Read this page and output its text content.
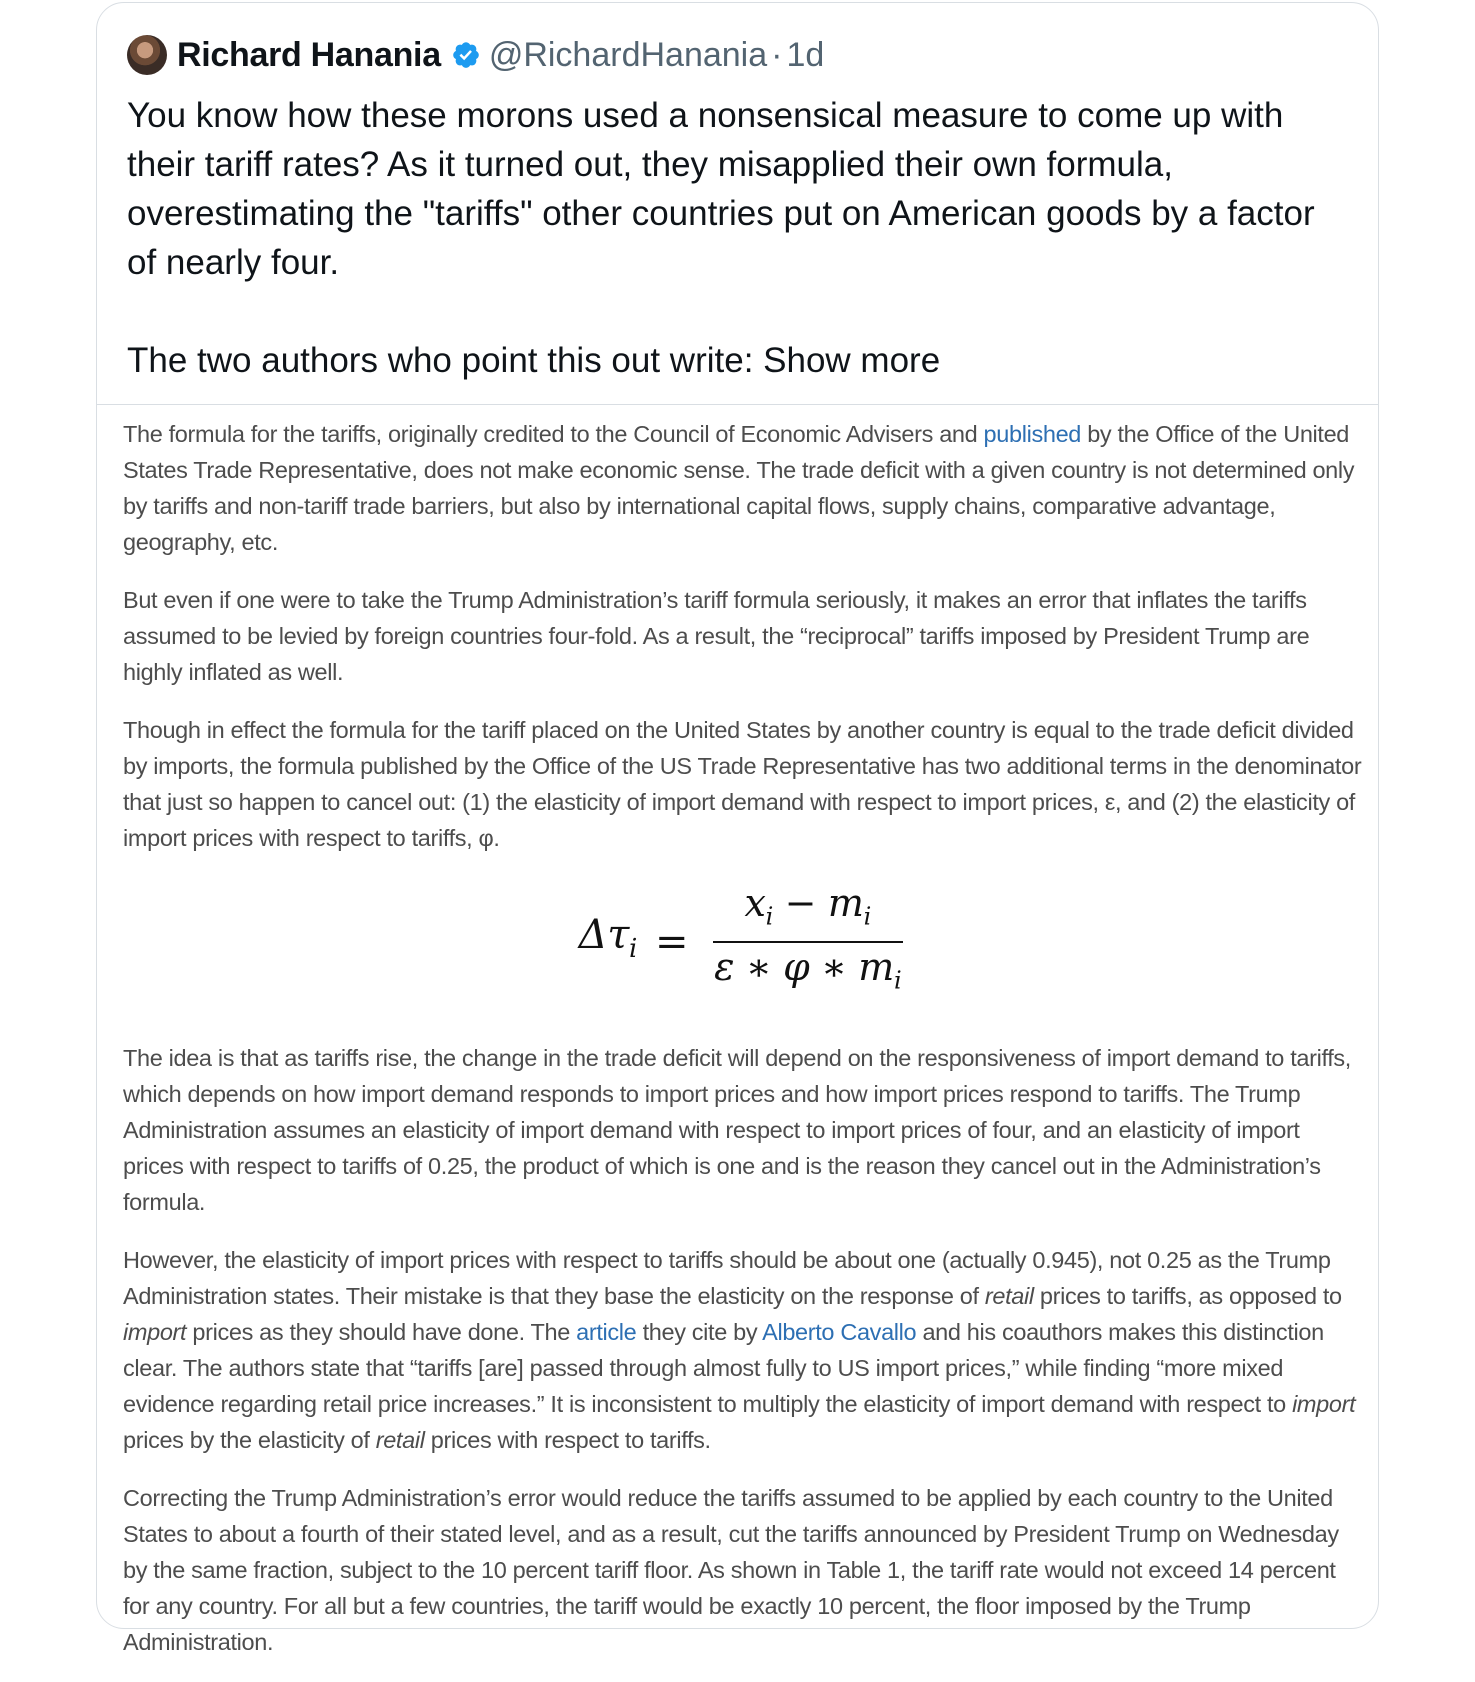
Richard Hanania @RichardHanania · 1d

You know how these morons used a nonsensical measure to come up with their tariff rates? As it turned out, they misapplied their own formula, overestimating the "tariffs" other countries put on American goods by a factor of nearly four.

The two authors who point this out write: Show more

The formula for the tariffs, originally credited to the Council of Economic Advisers and published by the Office of the United States Trade Representative, does not make economic sense. The trade deficit with a given country is not determined only by tariffs and non-tariff trade barriers, but also by international capital flows, supply chains, comparative advantage, geography, etc.

But even if one were to take the Trump Administration’s tariff formula seriously, it makes an error that inflates the tariffs assumed to be levied by foreign countries four-fold. As a result, the “reciprocal” tariffs imposed by President Trump are highly inflated as well.

Though in effect the formula for the tariff placed on the United States by another country is equal to the trade deficit divided by imports, the formula published by the Office of the US Trade Representative has two additional terms in the denominator that just so happen to cancel out: (1) the elasticity of import demand with respect to import prices, ε, and (2) the elasticity of import prices with respect to tariffs, φ.

$\Delta\tau_i = \frac{x_i - m_i}{\varepsilon ∗ \varphi ∗ m_i}$

The idea is that as tariffs rise, the change in the trade deficit will depend on the responsiveness of import demand to tariffs, which depends on how import demand responds to import prices and how import prices respond to tariffs. The Trump Administration assumes an elasticity of import demand with respect to import prices of four, and an elasticity of import prices with respect to tariffs of 0.25, the product of which is one and is the reason they cancel out in the Administration’s formula.

However, the elasticity of import prices with respect to tariffs should be about one (actually 0.945), not 0.25 as the Trump Administration states. Their mistake is that they base the elasticity on the response of retail prices to tariffs, as opposed to import prices as they should have done. The article they cite by Alberto Cavallo and his coauthors makes this distinction clear. The authors state that “tariffs [are] passed through almost fully to US import prices,” while finding “more mixed evidence regarding retail price increases.” It is inconsistent to multiply the elasticity of import demand with respect to import prices by the elasticity of retail prices with respect to tariffs.

Correcting the Trump Administration’s error would reduce the tariffs assumed to be applied by each country to the United States to about a fourth of their stated level, and as a result, cut the tariffs announced by President Trump on Wednesday by the same fraction, subject to the 10 percent tariff floor. As shown in Table 1, the tariff rate would not exceed 14 percent for any country. For all but a few countries, the tariff would be exactly 10 percent, the floor imposed by the Trump Administration.
